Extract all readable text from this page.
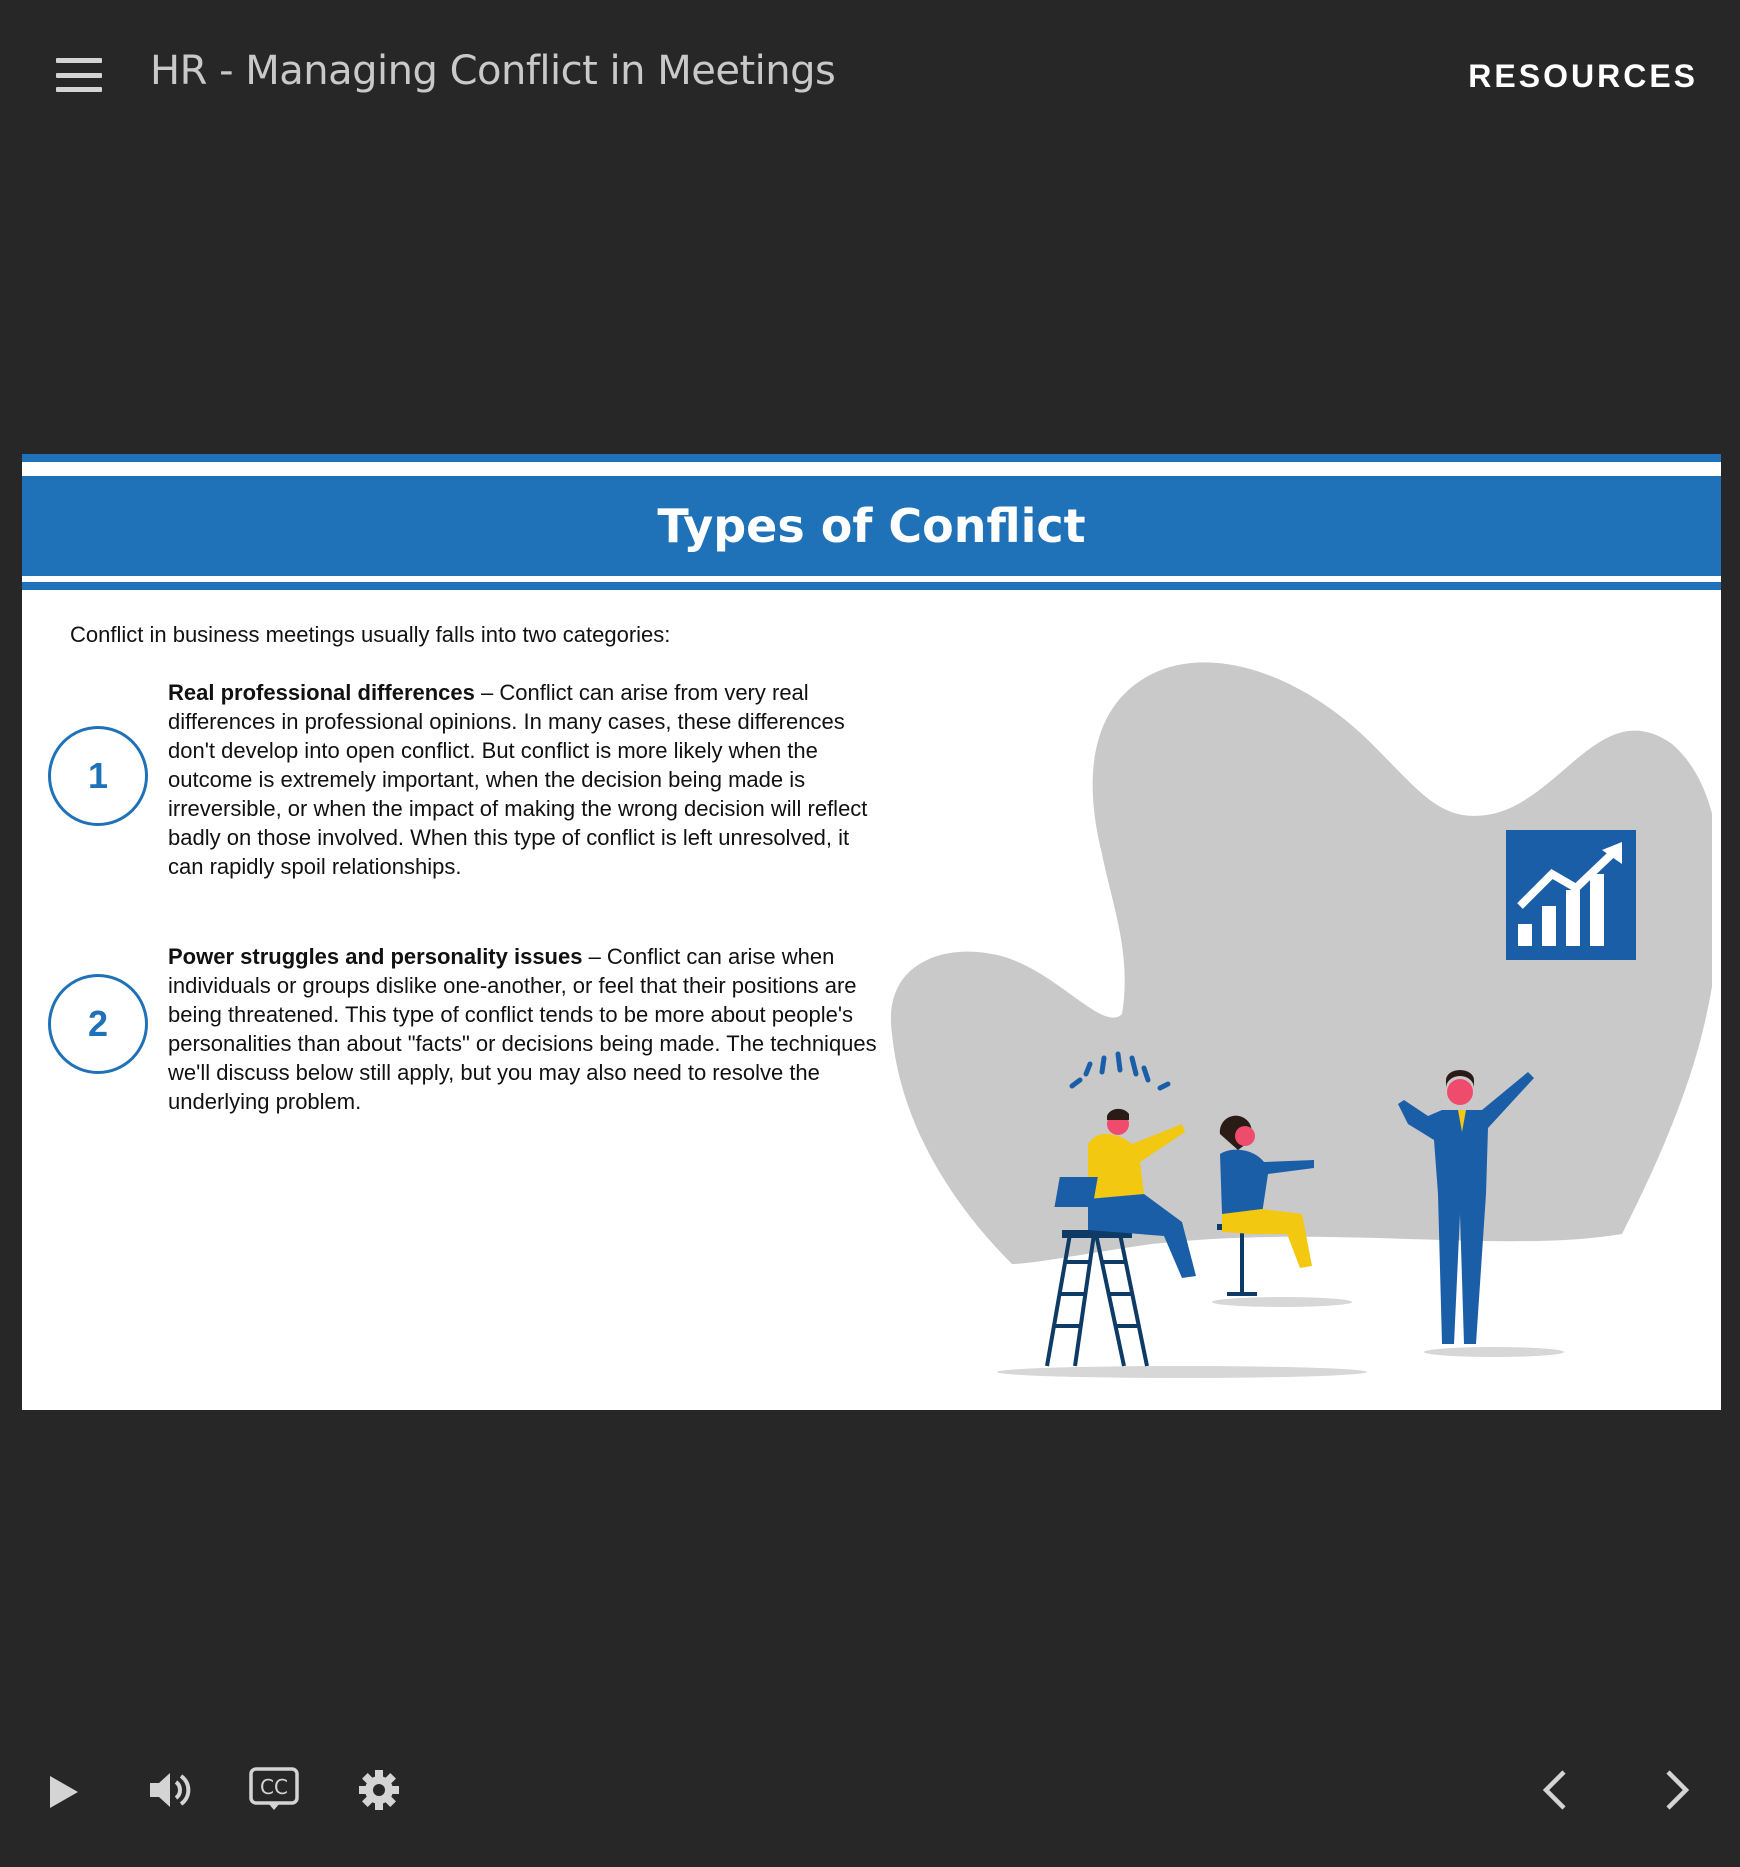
HR - Managing Conflict in Meetings	RESOURCES
Types of Conflict
Conflict in business meetings usually falls into two categories:
1
Real professional differences – Conflict can arise from very real differences in professional opinions. In many cases, these differences don't develop into open conflict. But conflict is more likely when the outcome is extremely important, when the decision being made is irreversible, or when the impact of making the wrong decision will reflect badly on those involved. When this type of conflict is left unresolved, it can rapidly spoil relationships.
2
Power struggles and personality issues – Conflict can arise when individuals or groups dislike one-another, or feel that their positions are being threatened. This type of conflict tends to be more about people's personalities than about "facts" or decisions being made. The techniques we'll discuss below still apply, but you may also need to resolve the underlying problem.
CC
